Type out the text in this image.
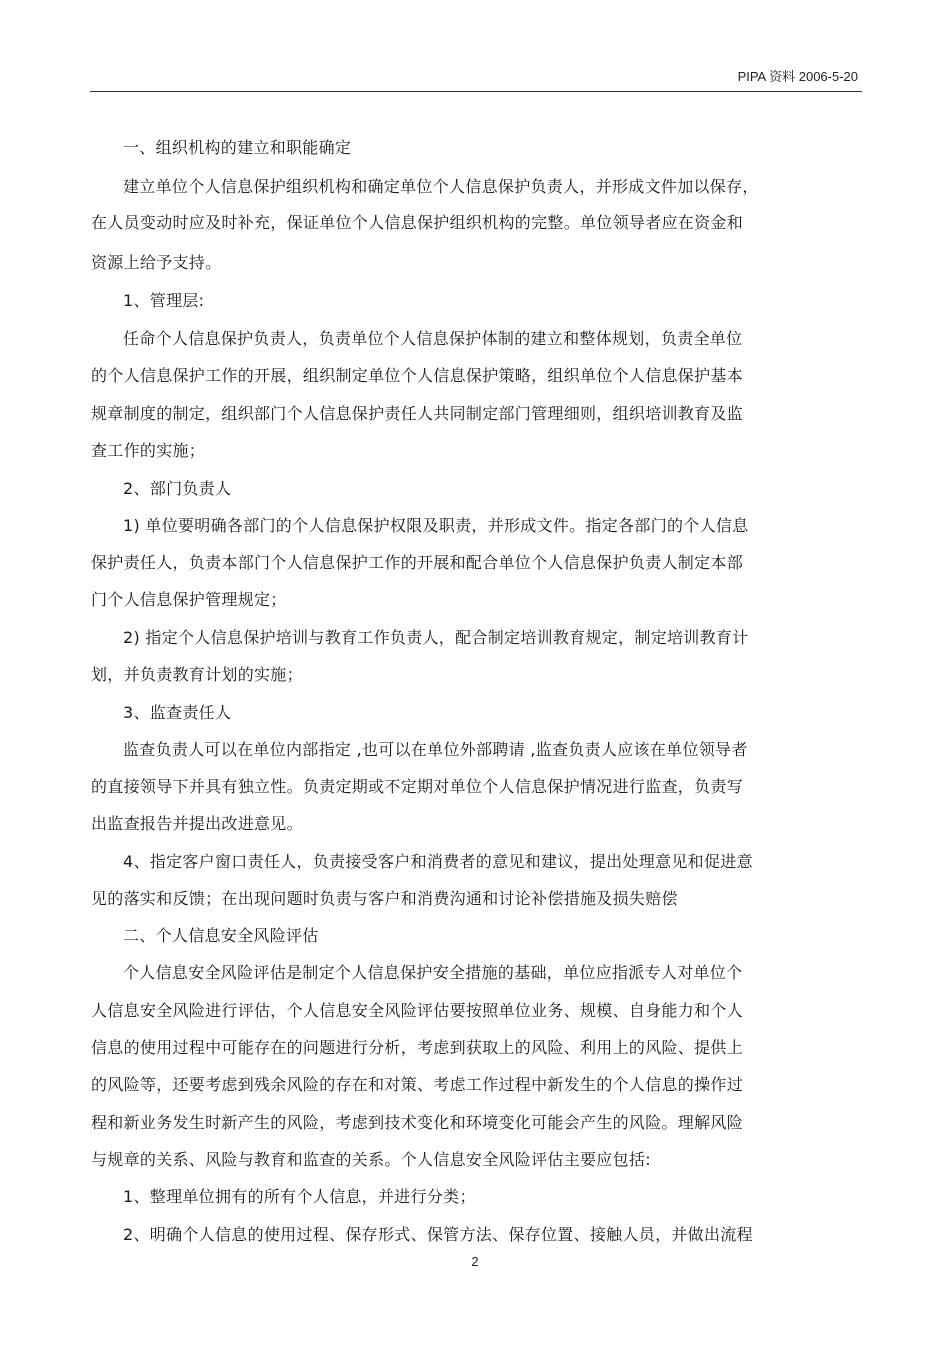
PIPA 资料 2006-5-20
一、组织机构的建立和职能确定
建立单位个人信息保护组织机构和确定单位个人信息保护负责人，并形成文件加以保存，
在人员变动时应及时补充，保证单位个人信息保护组织机构的完整。单位领导者应在资金和
资源上给予支持。
1、管理层:
任命个人信息保护负责人，负责单位个人信息保护体制的建立和整体规划，负责全单位
的个人信息保护工作的开展，组织制定单位个人信息保护策略，组织单位个人信息保护基本
规章制度的制定，组织部门个人信息保护责任人共同制定部门管理细则，组织培训教育及监
查工作的实施；
2、部门负责人
1) 单位要明确各部门的个人信息保护权限及职责，并形成文件。指定各部门的个人信息
保护责任人，负责本部门个人信息保护工作的开展和配合单位个人信息保护负责人制定本部
门个人信息保护管理规定；
2) 指定个人信息保护培训与教育工作负责人，配合制定培训教育规定，制定培训教育计
划，并负责教育计划的实施；
3、监查责任人
监查负责人可以在单位内部指定 ,也可以在单位外部聘请 ,监查负责人应该在单位领导者
的直接领导下并具有独立性。负责定期或不定期对单位个人信息保护情况进行监查，负责写
出监查报告并提出改进意见。
4、指定客户窗口责任人，负责接受客户和消费者的意见和建议，提出处理意见和促进意
见的落实和反馈；在出现问题时负责与客户和消费沟通和讨论补偿措施及损失赔偿
二、个人信息安全风险评估
个人信息安全风险评估是制定个人信息保护安全措施的基础，单位应指派专人对单位个
人信息安全风险进行评估，个人信息安全风险评估要按照单位业务、规模、自身能力和个人
信息的使用过程中可能存在的问题进行分析，考虑到获取上的风险、利用上的风险、提供上
的风险等，还要考虑到残余风险的存在和对策、考虑工作过程中新发生的个人信息的操作过
程和新业务发生时新产生的风险，考虑到技术变化和环境变化可能会产生的风险。理解风险
与规章的关系、风险与教育和监查的关系。个人信息安全风险评估主要应包括:
1、整理单位拥有的所有个人信息，并进行分类；
2、明确个人信息的使用过程、保存形式、保管方法、保存位置、接触人员，并做出流程
2
